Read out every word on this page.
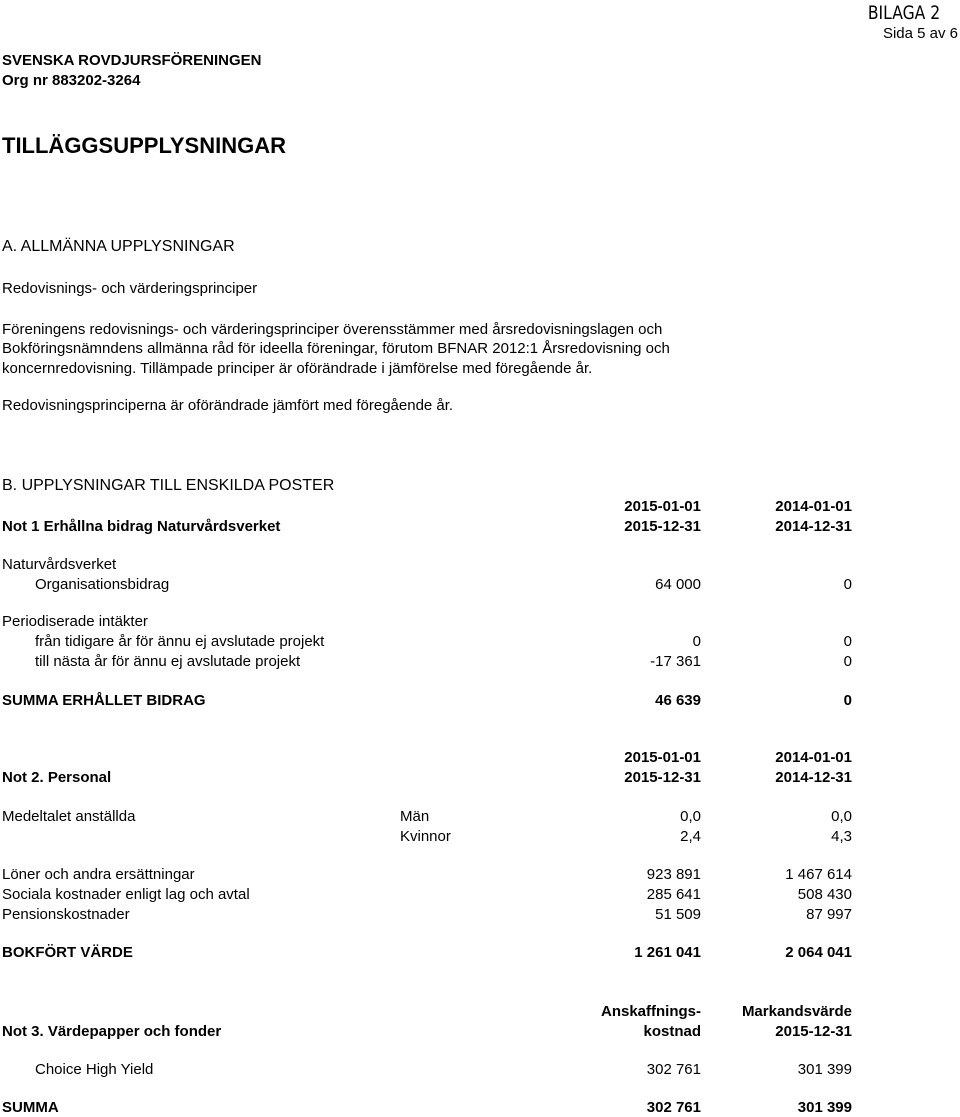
BILAGA 2
Sida 5 av 6
SVENSKA ROVDJURSFÖRENINGEN
Org nr 883202-3264
TILLÄGGSUPPLYSNINGAR
A. ALLMÄNNA UPPLYSNINGAR
Redovisnings- och värderingsprinciper
Föreningens redovisnings- och värderingsprinciper överensstämmer med årsredovisningslagen och
Bokföringsnämndens allmänna råd för ideella föreningar, förutom BFNAR 2012:1 Årsredovisning och
koncernredovisning. Tillämpade principer är oförändrade i jämförelse med föregående år.
Redovisningsprinciperna är oförändrade jämfört med föregående år.
B. UPPLYSNINGAR TILL ENSKILDA POSTER
2015-01-01	2014-01-01
Not 1 Erhållna bidrag Naturvårdsverket	2015-12-31	2014-12-31
Naturvårdsverket
Organisationsbidrag	64 000	0
Periodiserade intäkter
från tidigare år för ännu ej avslutade projekt	0	0
till nästa år för ännu ej avslutade projekt	-17 361	0
SUMMA ERHÅLLET BIDRAG	46 639	0
2015-01-01	2014-01-01
Not 2. Personal	2015-12-31	2014-12-31
Medeltalet anställda	Män	0,0	0,0
Kvinnor	2,4	4,3
Löner och andra ersättningar	923 891	1 467 614
Sociala kostnader enligt lag och avtal	285 641	508 430
Pensionskostnader	51 509	87 997
BOKFÖRT VÄRDE	1 261 041	2 064 041
Anskaffnings-	Markandsvärde
Not 3. Värdepapper och fonder	kostnad	2015-12-31
Choice High Yield	302 761	301 399
SUMMA	302 761	301 399
